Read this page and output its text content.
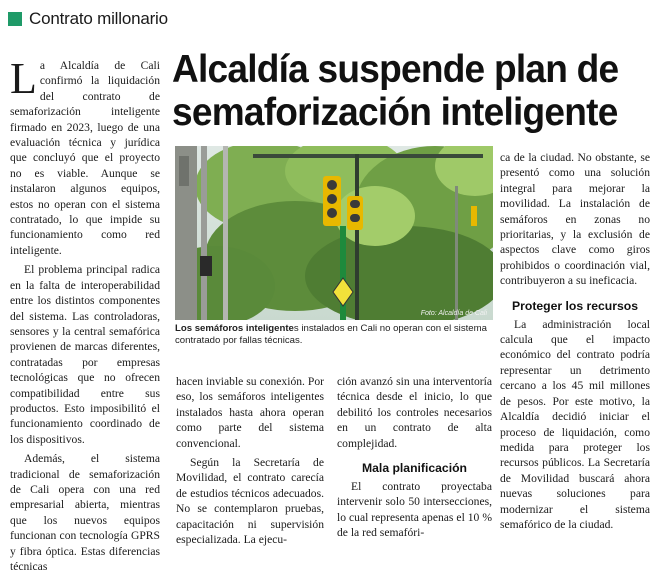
Contrato millonario

La Alcaldía de Cali confirmó la liquidación del contrato de semaforización inteligente firmado en 2023, luego de una evaluación técnica y jurídica que concluyó que el proyecto no es viable. Aunque se instalaron algunos equipos, estos no operan con el sistema contratado, lo que impide su funcionamiento como red inteligente.

El problema principal radica en la falta de interoperabilidad entre los distintos componentes del sistema. Las controladoras, sensores y la central semafórica provienen de marcas diferentes, contratadas por empresas tecnológicas que no ofrecen compatibilidad entre sus productos. Esto imposibilitó el funcionamiento coordinado de los dispositivos.

Además, el sistema tradicional de semaforización de Cali opera con una red empresarial abierta, mientras que los nuevos equipos funcionan con tecnología GPRS y fibra óptica. Estas diferencias técnicas

Alcaldía suspende plan de
semaforización inteligente
Foto: Alcaldía de Cali
Los semáforos inteligentes instalados en Cali no operan con el sistema contratado por fallas técnicas.

hacen inviable su conexión. Por eso, los semáforos inteligentes instalados hasta ahora operan como parte del sistema convencional.

Según la Secretaría de Movilidad, el contrato carecía de estudios técnicos adecuados. No se contemplaron pruebas, capacitación ni supervisión especializada. La ejecu-

ción avanzó sin una interventoría técnica desde el inicio, lo que debilitó los controles necesarios en un contrato de alta complejidad.

Mala planificación

El contrato proyectaba intervenir solo 50 intersecciones, lo cual representa apenas el 10 % de la red semafóri-

ca de la ciudad. No obstante, se presentó como una solución integral para mejorar la movilidad. La instalación de semáforos en zonas no prioritarias, y la exclusión de aspectos clave como giros prohibidos o coordinación vial, contribuyeron a su ineficacia.

Proteger los recursos

La administración local calcula que el impacto económico del contrato podría representar un detrimento cercano a los 45 mil millones de pesos. Por este motivo, la Alcaldía decidió iniciar el proceso de liquidación, como medida para proteger los recursos públicos. La Secretaría de Movilidad buscará ahora nuevas soluciones para modernizar el sistema semafórico de la ciudad.
